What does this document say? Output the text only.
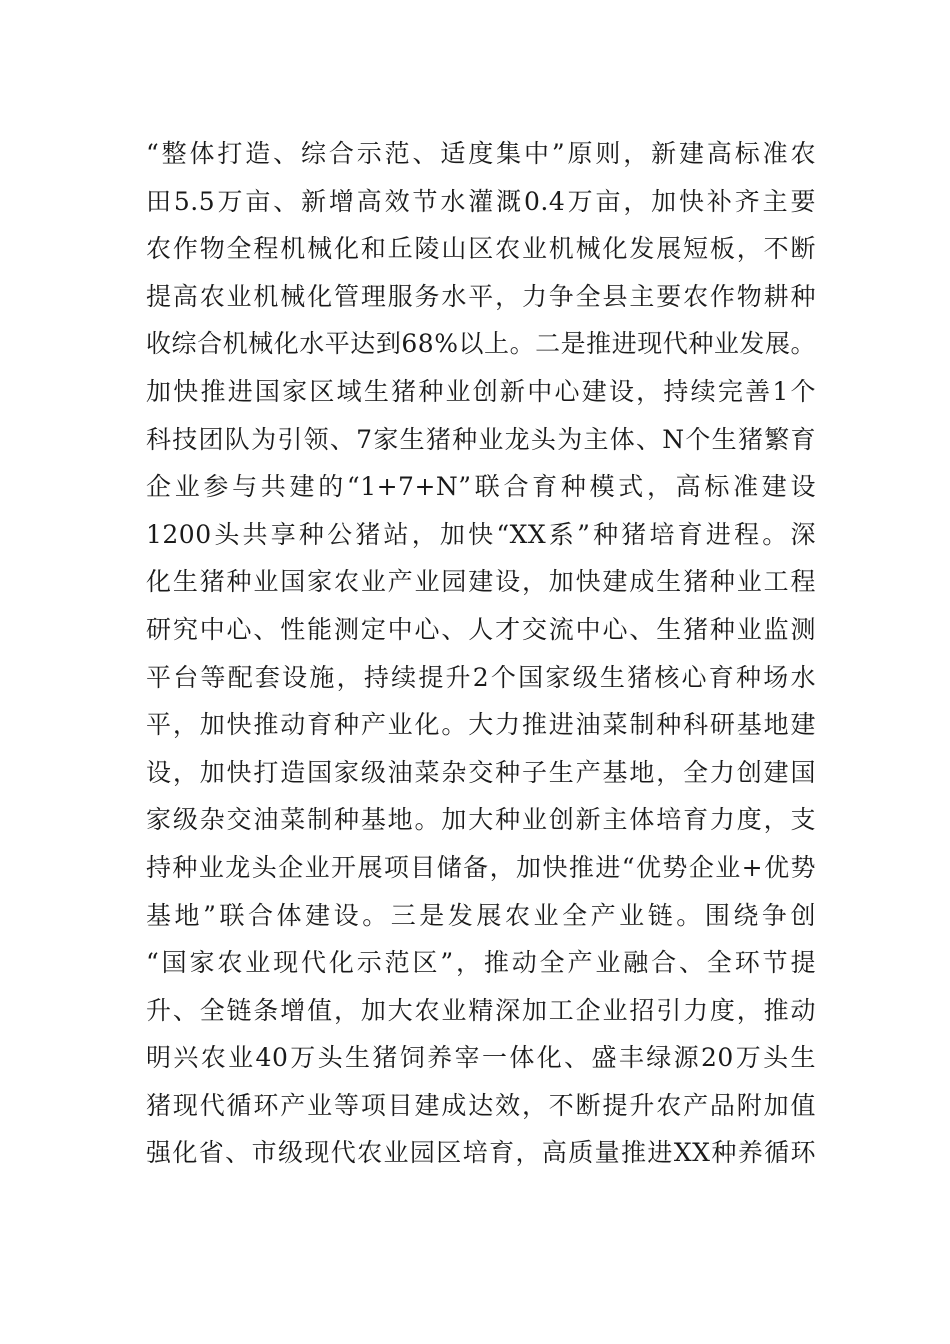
“整体打造、综合示范、适度集中”原则，新建高标准农
田5.5万亩、新增高效节水灌溉0.4万亩，加快补齐主要
农作物全程机械化和丘陵山区农业机械化发展短板，不断
提高农业机械化管理服务水平，力争全县主要农作物耕种
收综合机械化水平达到68%以上。二是推进现代种业发展。
加快推进国家区域生猪种业创新中心建设，持续完善1个
科技团队为引领、7家生猪种业龙头为主体、N个生猪繁育
企业参与共建的“1+7+N”联合育种模式，高标准建设
1200头共享种公猪站，加快“XX系”种猪培育进程。深
化生猪种业国家农业产业园建设，加快建成生猪种业工程
研究中心、性能测定中心、人才交流中心、生猪种业监测
平台等配套设施，持续提升2个国家级生猪核心育种场水
平，加快推动育种产业化。大力推进油菜制种科研基地建
设，加快打造国家级油菜杂交种子生产基地，全力创建国
家级杂交油菜制种基地。加大种业创新主体培育力度，支
持种业龙头企业开展项目储备，加快推进“优势企业+优势
基地”联合体建设。三是发展农业全产业链。围绕争创
“国家农业现代化示范区”，推动全产业融合、全环节提
升、全链条增值，加大农业精深加工企业招引力度，推动
明兴农业40万头生猪饲养宰一体化、盛丰绿源20万头生
猪现代循环产业等项目建成达效，不断提升农产品附加值
强化省、市级现代农业园区培育，高质量推进XX种养循环
